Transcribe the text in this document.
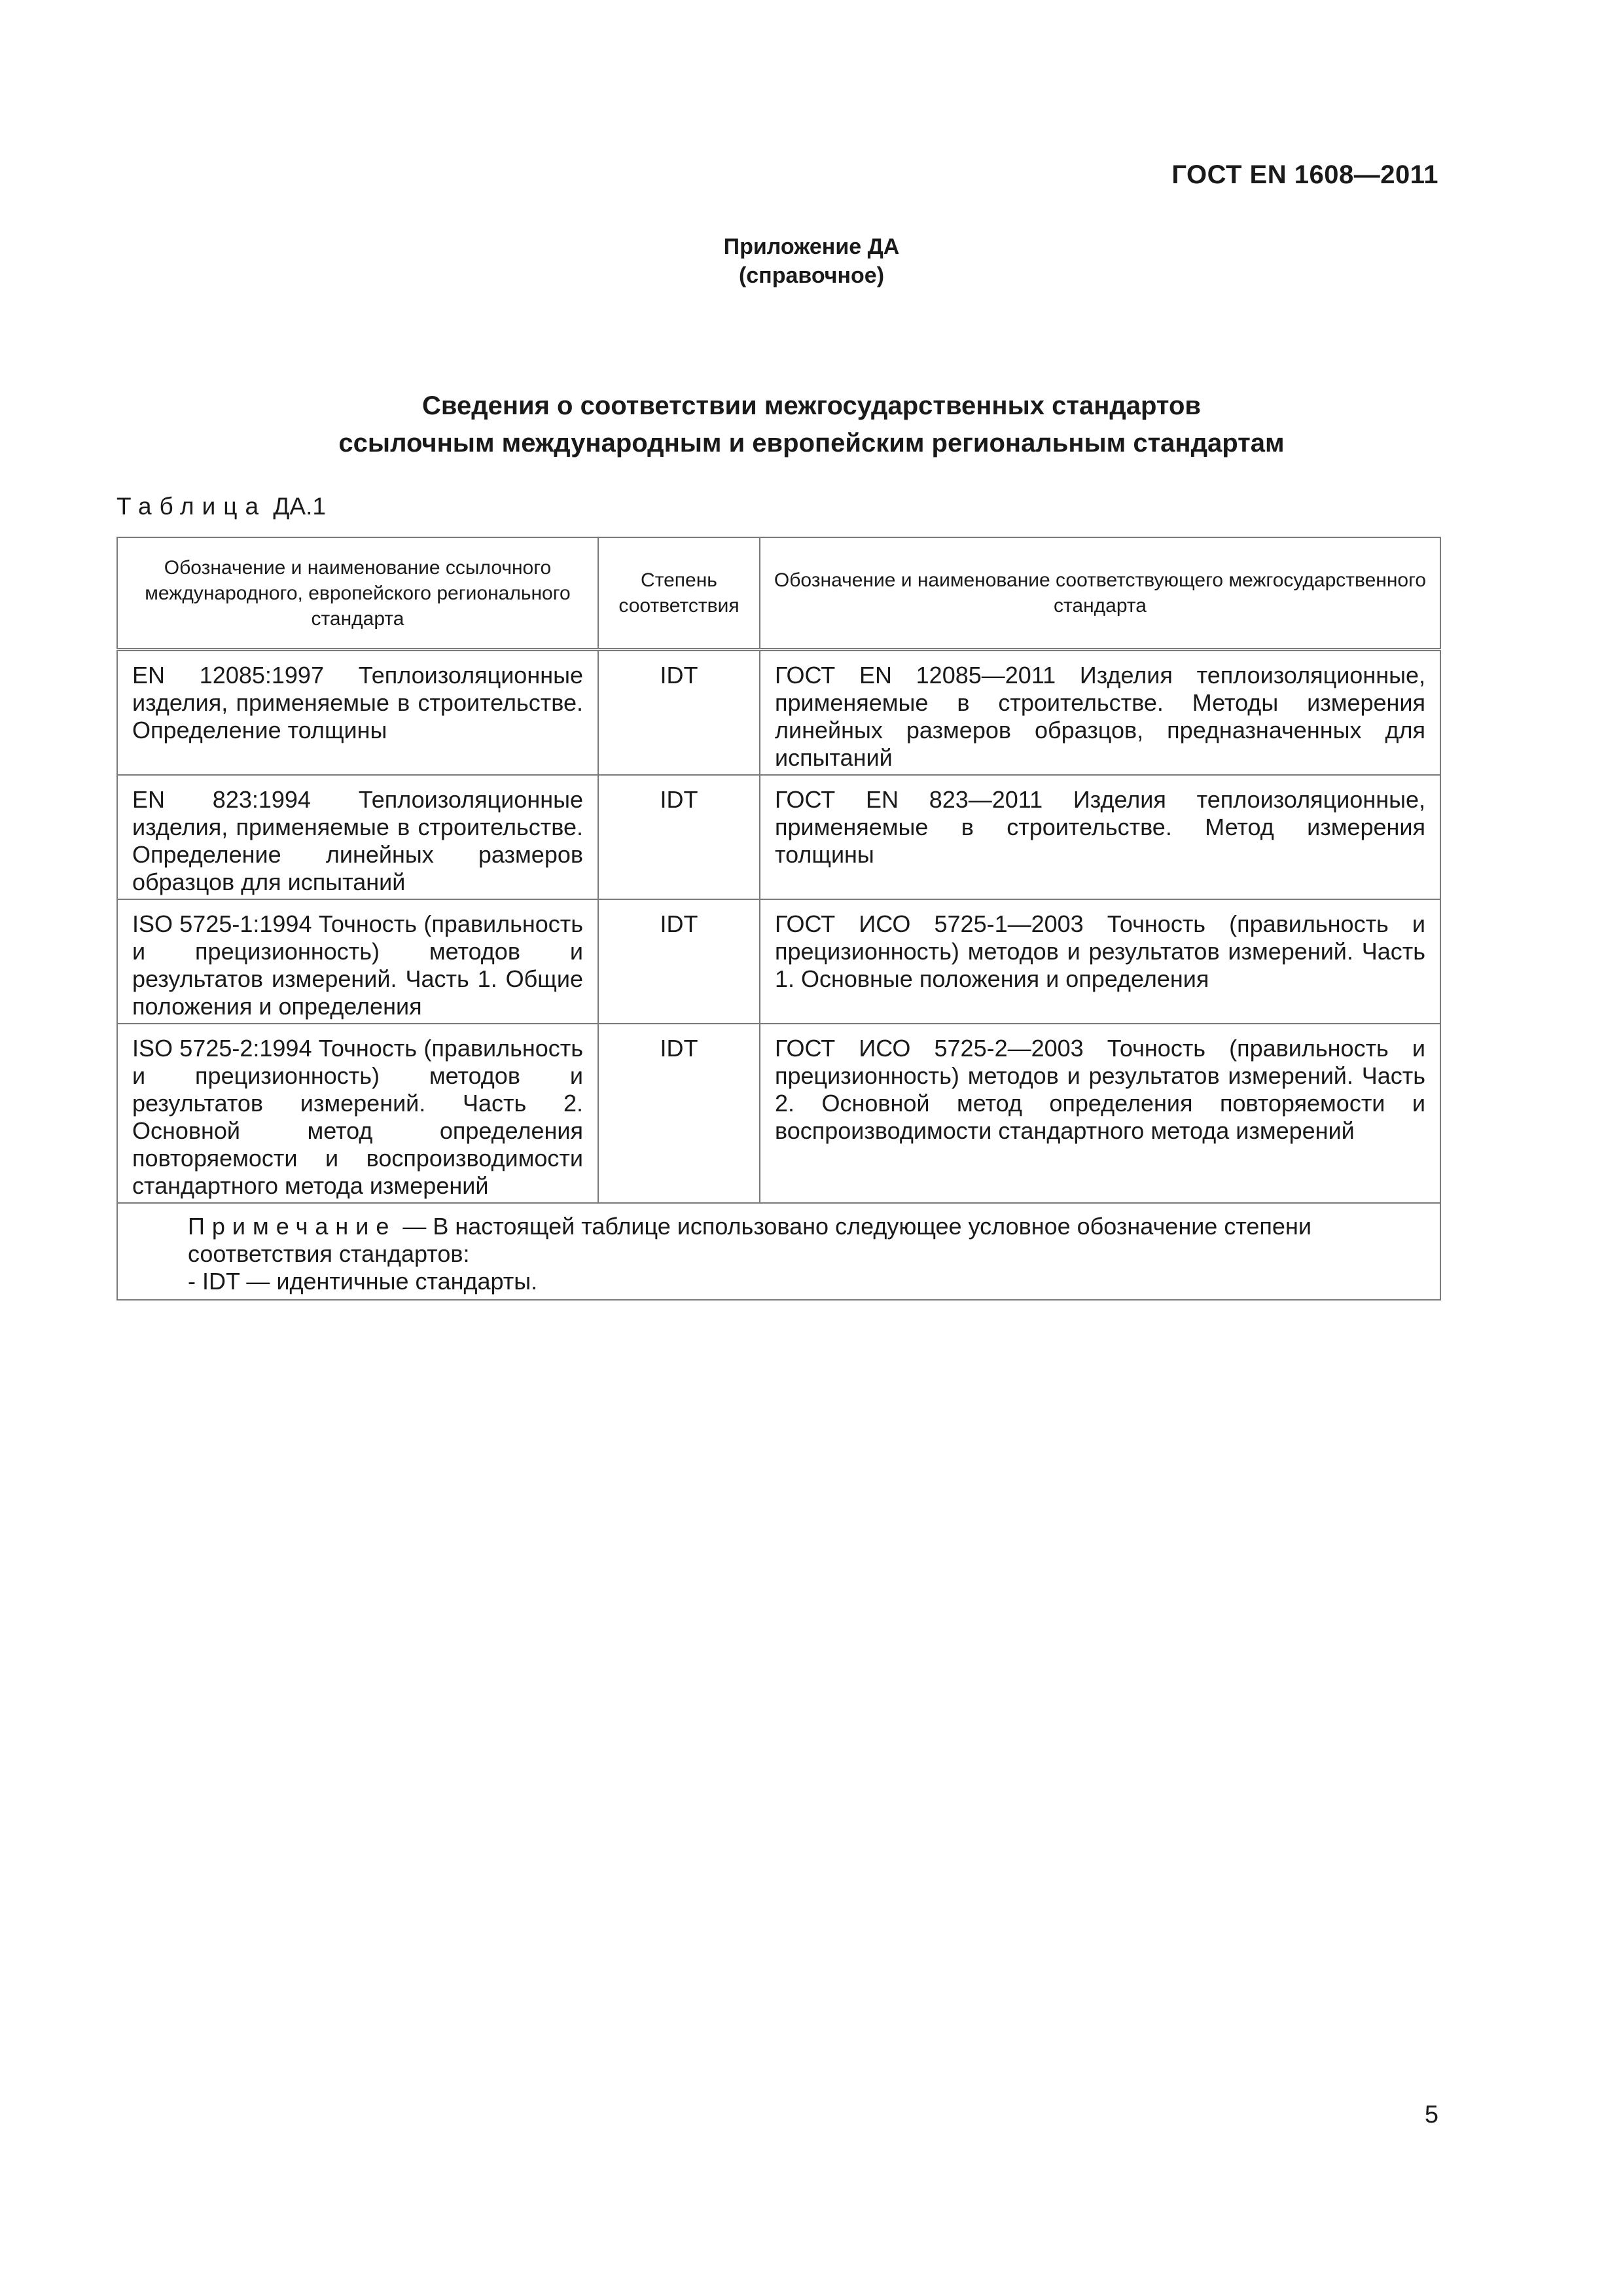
ГОСТ EN 1608—2011
Приложение ДА
(справочное)
Сведения о соответствии межгосударственных стандартов
ссылочным международным и европейским региональным стандартам
Таблица ДА.1
Обозначение и наименование ссылочного международного, европейского регионального стандарта	Степень соответствия	Обозначение и наименование соответствующего межгосударственного стандарта
EN 12085:1997 Теплоизоляционные изделия, применяемые в строительстве. Определение толщины	IDT	ГОСТ EN 12085—2011 Изделия теплоизоляционные, применяемые в строительстве. Методы измерения линейных размеров образцов, предназначенных для испытаний
EN 823:1994 Теплоизоляционные изделия, применяемые в строительстве. Определение линейных размеров образцов для испытаний	IDT	ГОСТ EN 823—2011 Изделия теплоизоляционные, применяемые в строительстве. Метод измерения толщины
ISO 5725-1:1994 Точность (правильность и прецизионность) методов и результатов измерений. Часть 1. Общие положения и определения	IDT	ГОСТ ИСО 5725-1—2003 Точность (правильность и прецизионность) методов и результатов измерений. Часть 1. Основные положения и определения
ISO 5725-2:1994 Точность (правильность и прецизионность) методов и результатов измерений. Часть 2. Основной метод определения повторяемости и воспроизводимости стандартного метода измерений	IDT	ГОСТ ИСО 5725-2—2003 Точность (правильность и прецизионность) методов и результатов измерений. Часть 2. Основной метод определения повторяемости и воспроизводимости стандартного метода измерений

Примечание — В настоящей таблице использовано следующее условное обозначение степени соответствия стандартов:
- IDT — идентичные стандарты.		
5
